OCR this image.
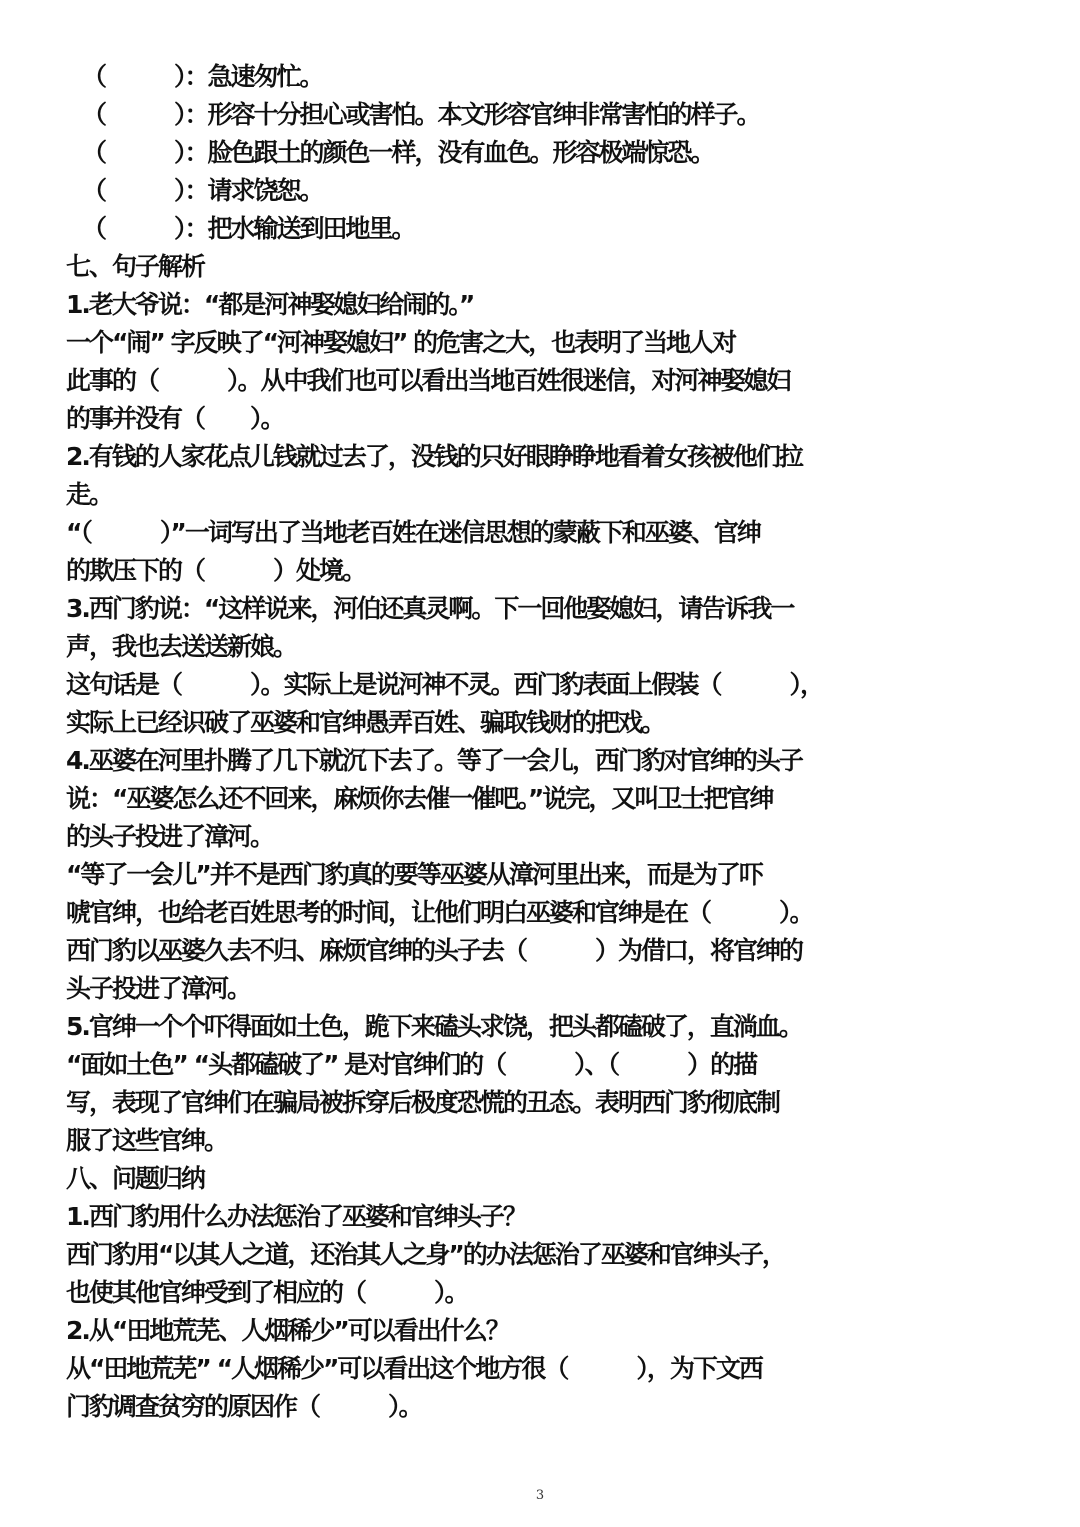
（　　　）：急速匆忙。
（　　　）：形容十分担心或害怕。本文形容官绅非常害怕的样子。
（　　　）：脸色跟土的颜色一样，没有血色。形容极端惊恐。
（　　　）：请求饶恕。
（　　　）：把水输送到田地里。
七、句子解析
1.老大爷说：“都是河神娶媳妇给闹的。”
一个“闹” 字反映了“河神娶媳妇” 的危害之大，也表明了当地人对
此事的（　　　）。从中我们也可以看出当地百姓很迷信，对河神娶媳妇
的事并没有（　　）。
2.有钱的人家花点儿钱就过去了，没钱的只好眼睁睁地看着女孩被他们拉
走。
“（　　　）”一词写出了当地老百姓在迷信思想的蒙蔽下和巫婆、官绅
的欺压下的（　　　）处境。
3.西门豹说：“这样说来，河伯还真灵啊。下一回他娶媳妇，请告诉我一
声，我也去送送新娘。
这句话是（　　　）。实际上是说河神不灵。西门豹表面上假装（　　　），
实际上已经识破了巫婆和官绅愚弄百姓、骗取钱财的把戏。
4.巫婆在河里扑腾了几下就沉下去了。等了一会儿，西门豹对官绅的头子
说：“巫婆怎么还不回来，麻烦你去催一催吧。”说完，又叫卫士把官绅
的头子投进了漳河。
“等了一会儿”并不是西门豹真的要等巫婆从漳河里出来，而是为了吓
唬官绅，也给老百姓思考的时间，让他们明白巫婆和官绅是在（　　　）。
西门豹以巫婆久去不归、麻烦官绅的头子去（　　　）为借口，将官绅的
头子投进了漳河。
5.官绅一个个吓得面如土色，跪下来磕头求饶，把头都磕破了，直淌血。
“面如土色” “头都磕破了” 是对官绅们的（　　　）、（　　　）的描
写，表现了官绅们在骗局被拆穿后极度恐慌的丑态。表明西门豹彻底制
服了这些官绅。
八、问题归纳
1.西门豹用什么办法惩治了巫婆和官绅头子？
西门豹用“以其人之道，还治其人之身”的办法惩治了巫婆和官绅头子，
也使其他官绅受到了相应的（　　　）。
2.从“田地荒芜、人烟稀少”可以看出什么？
从“田地荒芜” “人烟稀少”可以看出这个地方很（　　　），为下文西
门豹调查贫穷的原因作（　　　）。
3
